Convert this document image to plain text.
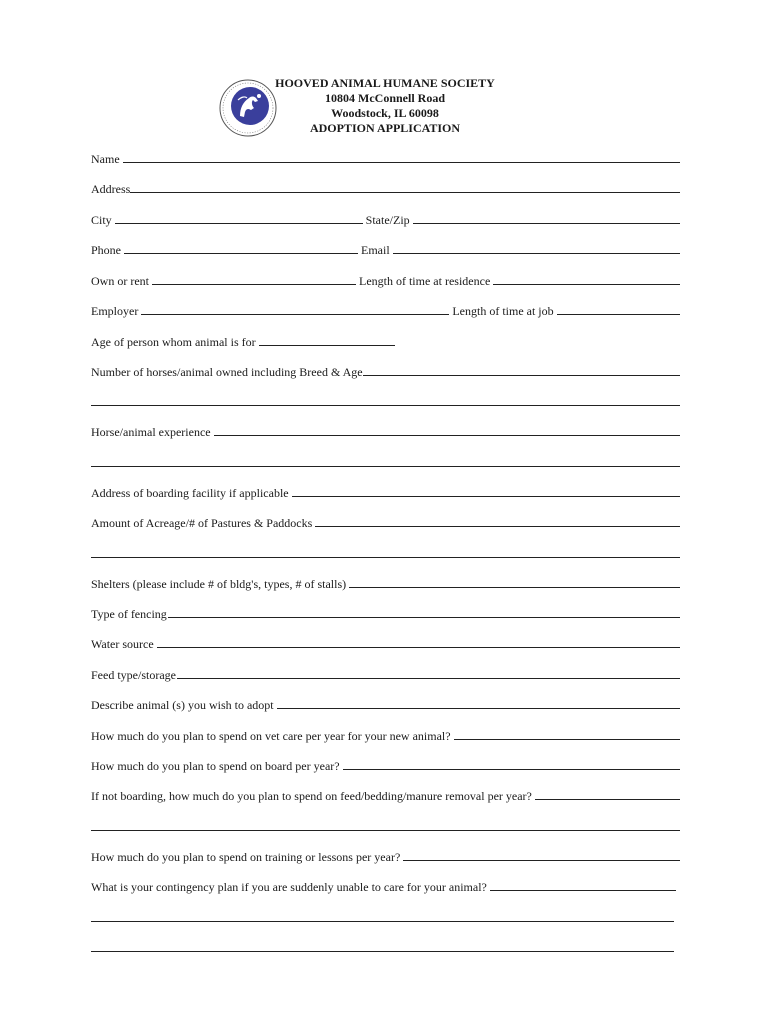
HOOVED ANIMAL HUMANE SOCIETY
10804 McConnell Road
Woodstock, IL 60098
ADOPTION APPLICATION
Name
Address
City	State/Zip
Phone	Email
Own or rent	Length of time at residence
Employer	Length of time at job
Age of person whom animal is for
Number of horses/animal owned including Breed & Age
Horse/animal experience
Address of boarding facility if applicable
Amount of Acreage/# of Pastures & Paddocks
Shelters (please include # of bldg's, types, # of stalls)
Type of fencing
Water source
Feed type/storage
Describe animal (s) you wish to adopt
How much do you plan to spend on vet care per year for your new animal?
How much do you plan to spend on board per year?
If not boarding, how much do you plan to spend on feed/bedding/manure removal per year?
How much do you plan to spend on training or lessons per year?
What is your contingency plan if you are suddenly unable to care for your animal?
